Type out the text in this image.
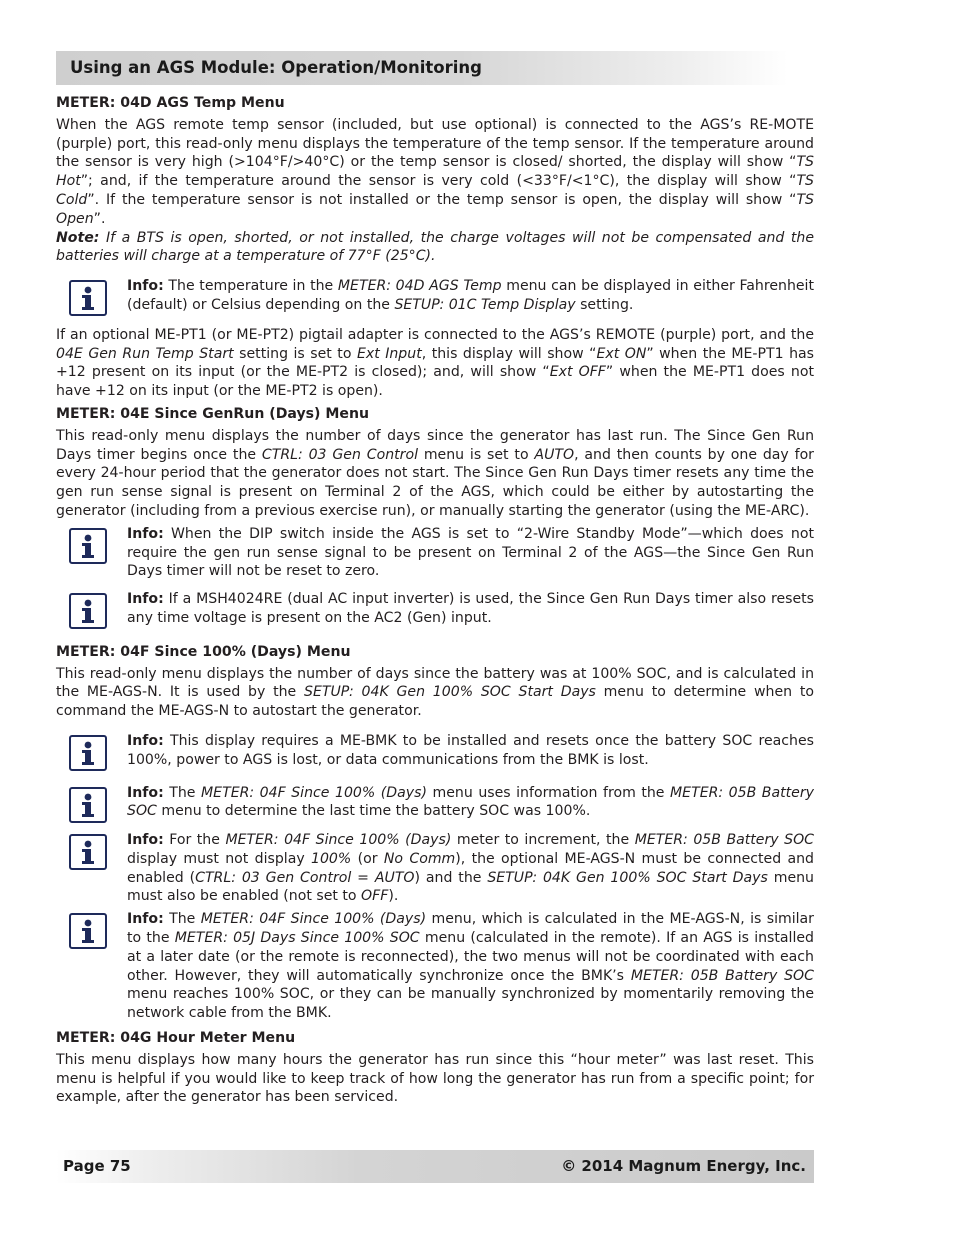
Using an AGS Module: Operation/Monitoring
METER: 04D AGS Temp Menu

When the AGS remote temp sensor (included, but use optional) is connected to the AGS’s RE-MOTE (purple) port, this read-only menu displays the temperature of the temp sensor. If the temperature around the sensor is very high (>104°F/>40°C) or the temp sensor is closed/ shorted, the display will show “TS Hot”; and, if the temperature around the sensor is very cold (<33°F/<1°C), the display will show “TS Cold”. If the temperature sensor is not installed or the temp sensor is open, the display will show “TS Open”.

Note: If a BTS is open, shorted, or not installed, the charge voltages will not be compensated and the batteries will charge at a temperature of 77°F (25°C).

Info: The temperature in the METER: 04D AGS Temp menu can be displayed in either Fahrenheit (default) or Celsius depending on the SETUP: 01C Temp Display setting.

If an optional ME-PT1 (or ME-PT2) pigtail adapter is connected to the AGS’s REMOTE (purple) port, and the 04E Gen Run Temp Start setting is set to Ext Input, this display will show “Ext ON” when the ME-PT1 has +12 present on its input (or the ME-PT2 is closed); and, will show “Ext OFF” when the ME-PT1 does not have +12 on its input (or the ME-PT2 is open).

METER: 04E Since GenRun (Days) Menu

This read-only menu displays the number of days since the generator has last run. The Since Gen Run Days timer begins once the CTRL: 03 Gen Control menu is set to AUTO, and then counts by one day for every 24-hour period that the generator does not start. The Since Gen Run Days timer resets any time the gen run sense signal is present on Terminal 2 of the AGS, which could be either by autostarting the generator (including from a previous exercise run), or manually starting the generator (using the ME-ARC).

Info: When the DIP switch inside the AGS is set to “2-Wire Standby Mode”—which does not require the gen run sense signal to be present on Terminal 2 of the AGS—the Since Gen Run Days timer will not be reset to zero.

Info: If a MSH4024RE (dual AC input inverter) is used, the Since Gen Run Days timer also resets any time voltage is present on the AC2 (Gen) input.

METER: 04F Since 100% (Days) Menu

This read-only menu displays the number of days since the battery was at 100% SOC, and is calculated in the ME-AGS-N. It is used by the SETUP: 04K Gen 100% SOC Start Days menu to determine when to command the ME-AGS-N to autostart the generator.

Info: This display requires a ME-BMK to be installed and resets once the battery SOC reaches 100%, power to AGS is lost, or data communications from the BMK is lost.

Info: The METER: 04F Since 100% (Days) menu uses information from the METER: 05B Battery SOC menu to determine the last time the battery SOC was 100%.

Info: For the METER: 04F Since 100% (Days) meter to increment, the METER: 05B Battery SOC display must not display 100% (or No Comm), the optional ME-AGS-N must be connected and enabled (CTRL: 03 Gen Control = AUTO) and the SETUP: 04K Gen 100% SOC Start Days menu must also be enabled (not set to OFF).

Info: The METER: 04F Since 100% (Days) menu, which is calculated in the ME-AGS-N, is similar to the METER: 05J Days Since 100% SOC menu (calculated in the remote). If an AGS is installed at a later date (or the remote is reconnected), the two menus will not be coordinated with each other. However, they will automatically synchronize once the BMK’s METER: 05B Battery SOC menu reaches 100% SOC, or they can be manually synchronized by momentarily removing the network cable from the BMK.

METER: 04G Hour Meter Menu

This menu displays how many hours the generator has run since this “hour meter” was last reset. This menu is helpful if you would like to keep track of how long the generator has run from a specific point; for example, after the generator has been serviced.

Page 75	© 2014 Magnum Energy, Inc.
